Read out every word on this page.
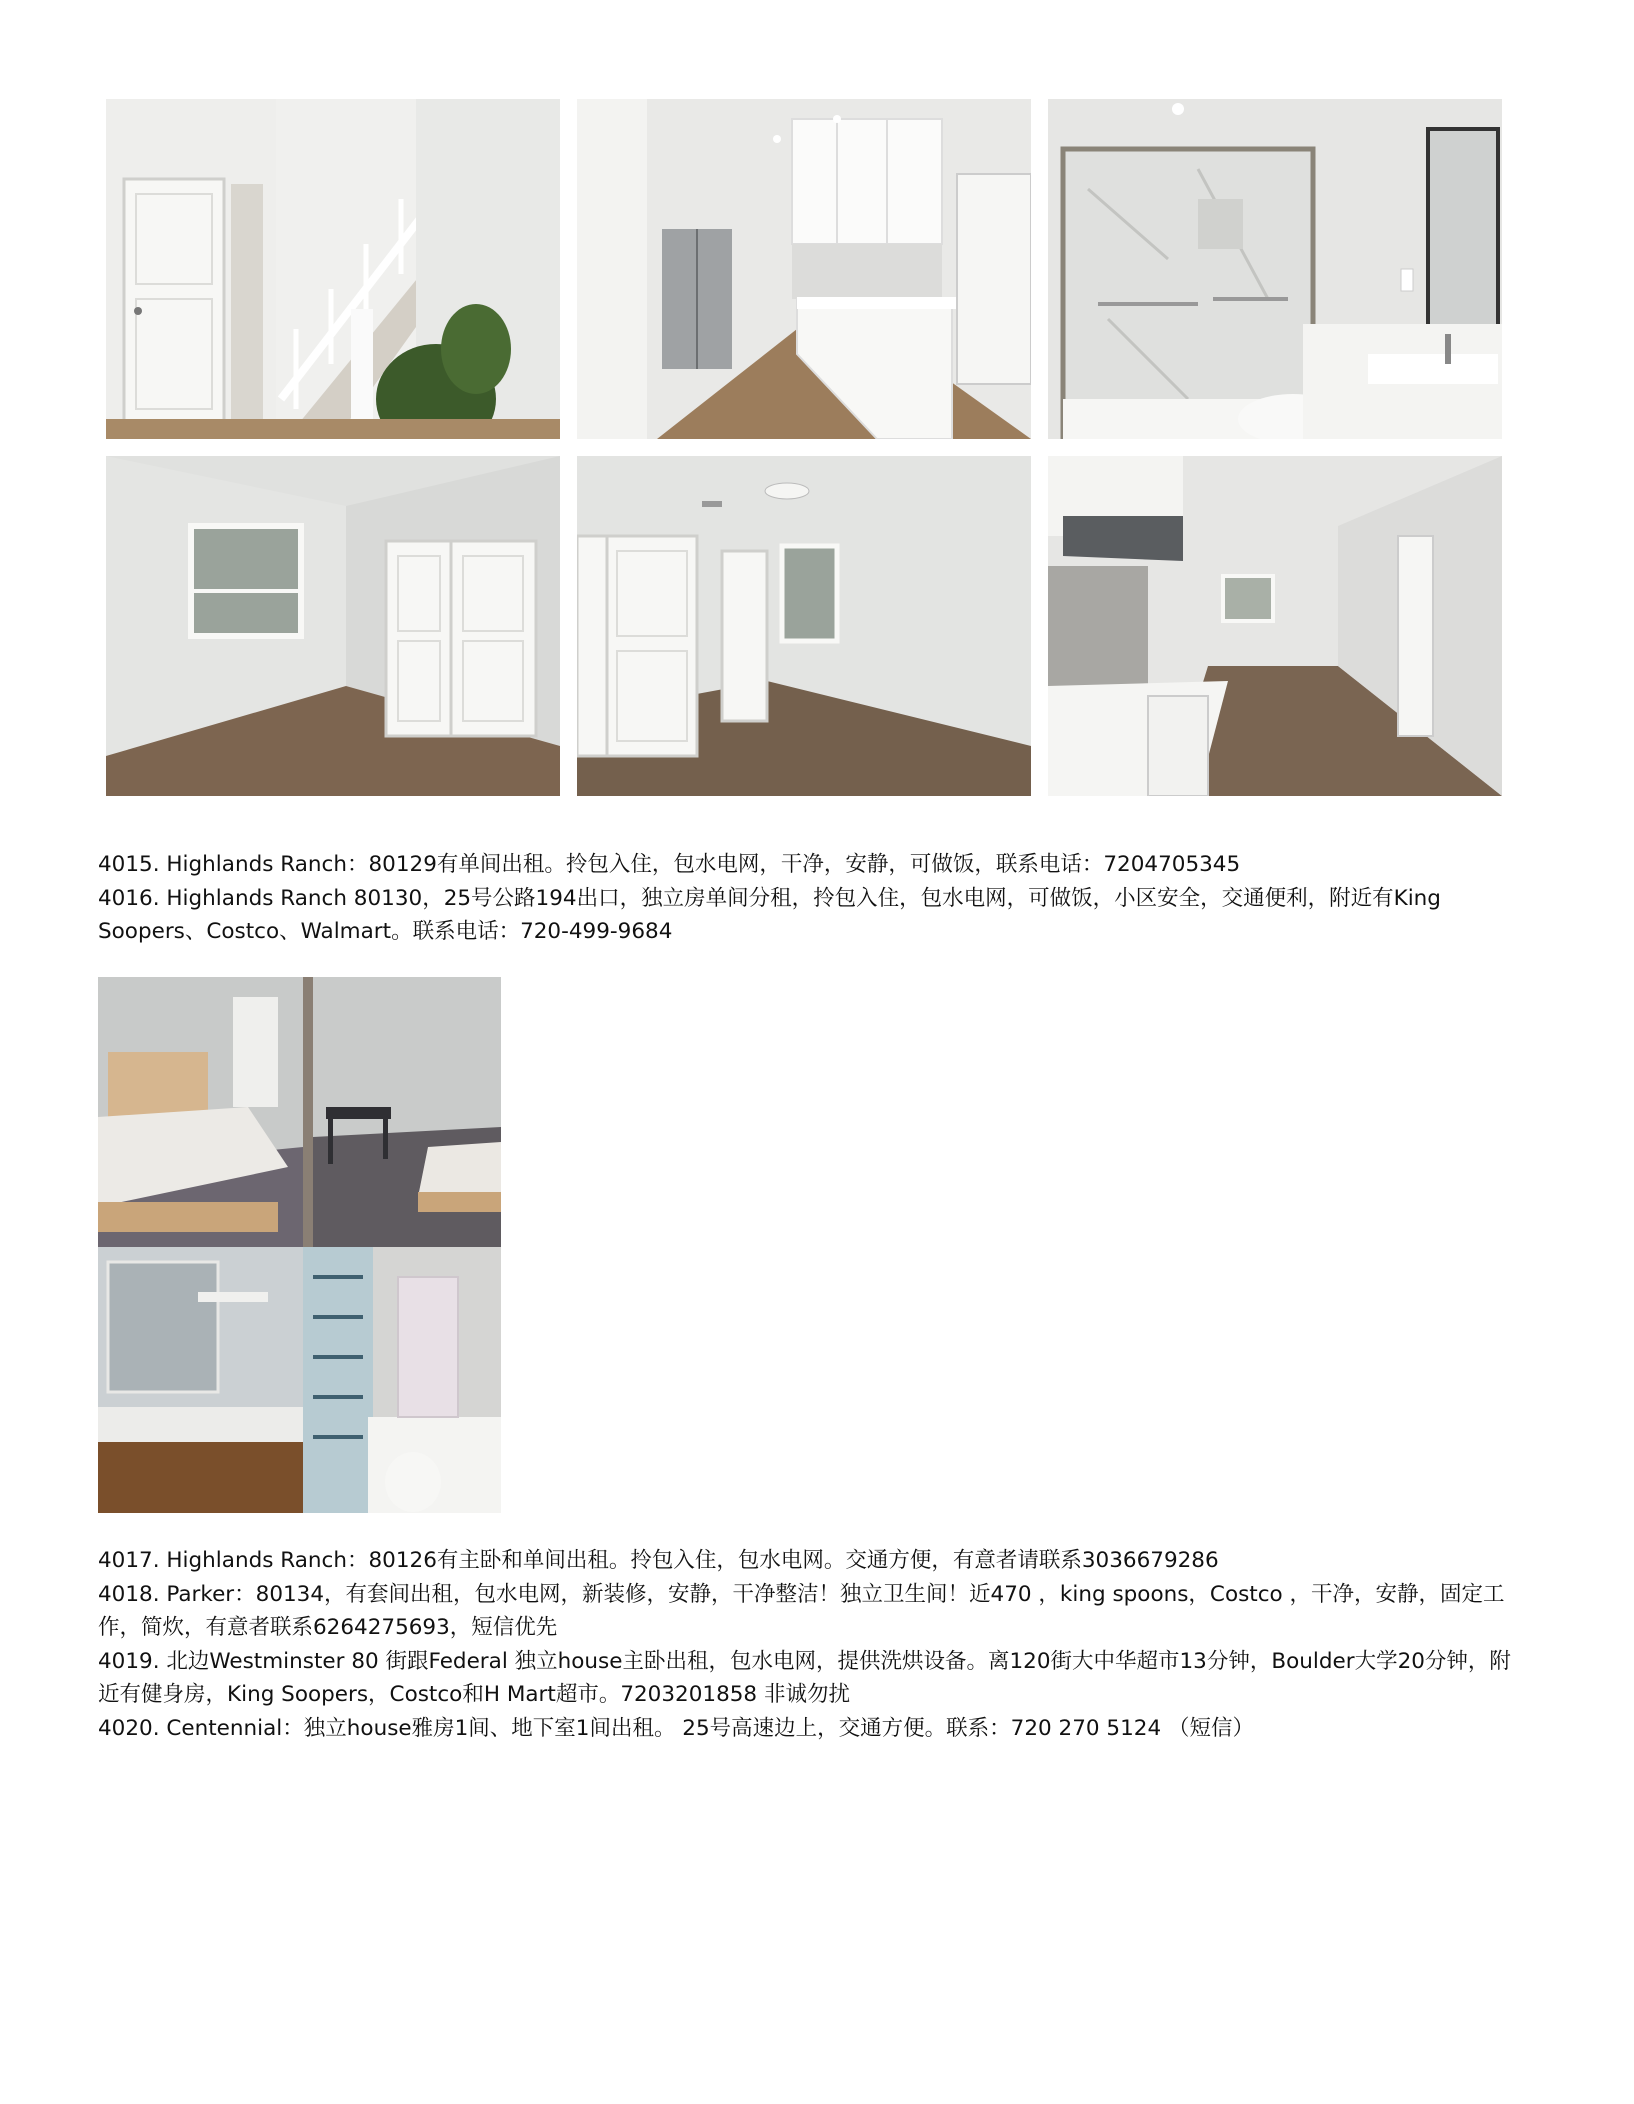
4015. Highlands Ranch：80129有单间出租。拎包入住，包水电网，干净，安静，可做饭，联系电话：7204705345

4016. Highlands Ranch 80130，25号公路194出口，独立房单间分租，拎包入住，包水电网，可做饭，小区安全，交通便利，附近有King Soopers、Costco、Walmart。联系电话：720-499-9684

4017. Highlands Ranch：80126有主卧和单间出租。拎包入住，包水电网。交通方便，有意者请联系3036679286

4018. Parker：80134，有套间出租，包水电网，新装修，安静，干净整洁！独立卫生间！近470 ，king spoons，Costco ，干净，安静，固定工作，简炊，有意者联系6264275693，短信优先

4019. 北边Westminster 80 街跟Federal 独立house主卧出租，包水电网，提供洗烘设备。离120街大中华超市13分钟，Boulder大学20分钟，附近有健身房，King Soopers，Costco和H Mart超市。7203201858 非诚勿扰

4020. Centennial：独立house雅房1间、地下室1间出租。 25号高速边上，交通方便。联系：720 270 5124 （短信）
